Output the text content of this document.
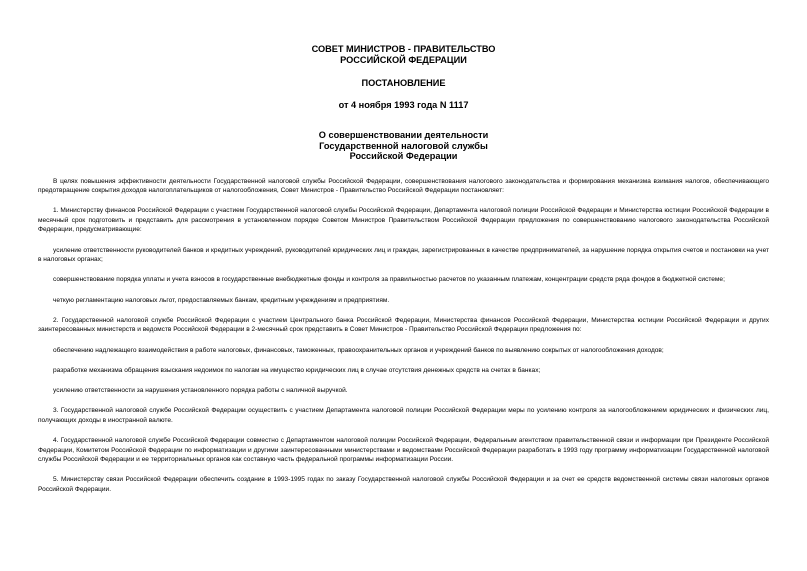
СОВЕТ МИНИСТРОВ - ПРАВИТЕЛЬСТВО
РОССИЙСКОЙ ФЕДЕРАЦИИ
ПОСТАНОВЛЕНИЕ
от 4 ноября 1993 года N 1117
О совершенствовании деятельности
Государственной налоговой службы
Российской Федерации

В целях повышения эффективности деятельности Государственной налоговой службы Российской Федерации, совершенствования налогового законодательства и формирования механизма взимания налогов, обеспечивающего предотвращение сокрытия доходов налогоплательщиков от налогообложения, Совет Министров - Правительство Российской Федерации постановляет:

1. Министерству финансов Российской Федерации с участием Государственной налоговой службы Российской Федерации, Департамента налоговой полиции Российской Федерации и Министерства юстиции Российской Федерации в месячный срок подготовить и представить для рассмотрения в установленном порядке Советом Министров Правительством Российской Федерации предложения по совершенствованию налогового законодательства Российской Федерации, предусматривающие:

усиление ответственности руководителей банков и кредитных учреждений, руководителей юридических лиц и граждан, зарегистрированных в качестве предпринимателей, за нарушение порядка открытия счетов и постановки на учет в налоговых органах;

совершенствование порядка уплаты и учета взносов в государственные внебюджетные фонды и контроля за правильностью расчетов по указанным платежам, концентрации средств ряда фондов в бюджетной системе;

четкую регламентацию налоговых льгот, предоставляемых банкам, кредитным учреждениям и предприятиям.

2. Государственной налоговой службе Российской Федерации с участием Центрального банка Российской Федерации, Министерства финансов Российской Федерации, Министерства юстиции Российской Федерации и других заинтересованных министерств и ведомств Российской Федерации в 2-месячный срок представить в Совет Министров - Правительство Российской Федерации предложения по:

обеспечению надлежащего взаимодействия в работе налоговых, финансовых, таможенных, правоохранительных органов и учреждений банков по выявлению сокрытых от налогообложения доходов;

разработке механизма обращения взыскания недоимок по налогам на имущество юридических лиц в случае отсутствия денежных средств на счетах в банках;

усилению ответственности за нарушения установленного порядка работы с наличной выручкой.

3. Государственной налоговой службе Российской Федерации осуществить с участием Департамента налоговой полиции Российской Федерации меры по усилению контроля за налогообложением юридических и физических лиц, получающих доходы в иностранной валюте.

4. Государственной налоговой службе Российской Федерации совместно с Департаментом налоговой полиции Российской Федерации, Федеральным агентством правительственной связи и информации при Президенте Российской Федерации, Комитетом Российской Федерации по информатизации и другими заинтересованными министерствами и ведомствами Российской Федерации разработать в 1993 году программу информатизации Государственной налоговой службы Российской Федерации и ее территориальных органов как составную часть федеральной программы информатизации России.

5. Министерству связи Российской Федерации обеспечить создание в 1993-1995 годах по заказу Государственной налоговой службы Российской Федерации и за счет ее средств ведомственной системы связи налоговых органов Российской Федерации.
